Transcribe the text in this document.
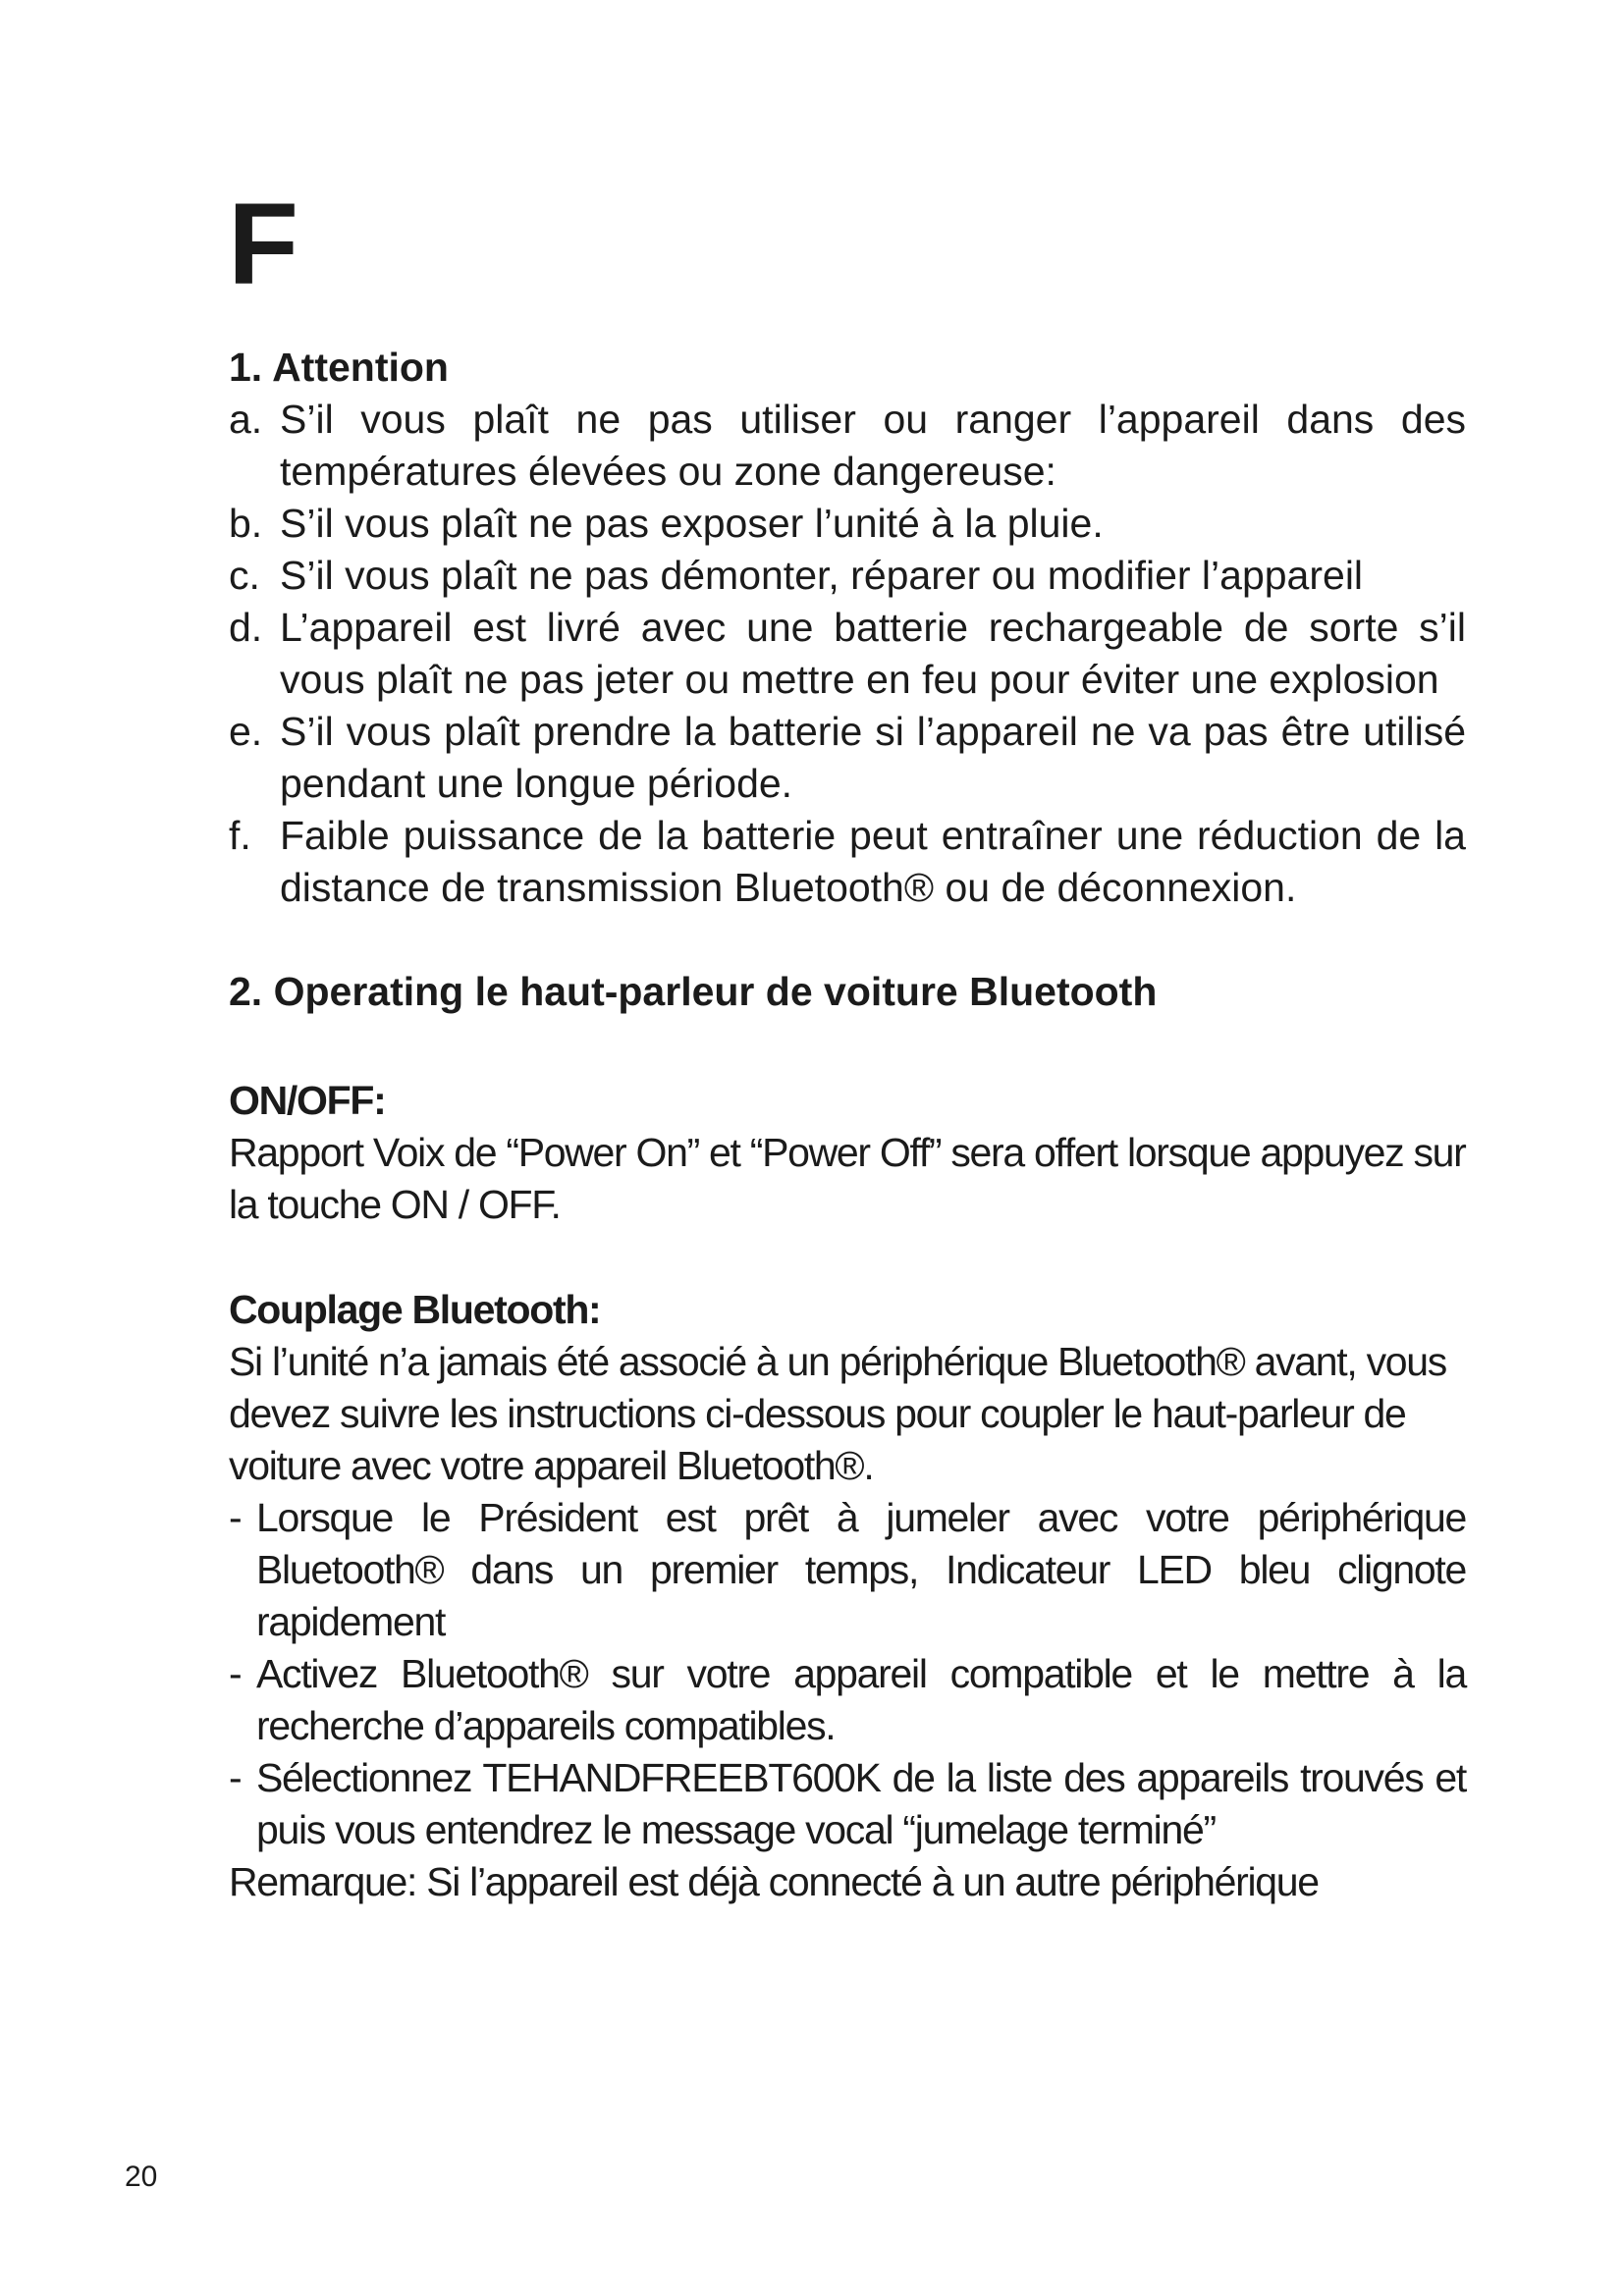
F

1. Attention

a. S’il vous plaît ne pas utiliser ou ranger l’appareil dans des températures élevées ou zone dangereuse:

b. S’il vous plaît ne pas exposer l’unité à la pluie.

c. S’il vous plaît ne pas démonter, réparer ou modifier l’appareil

d. L’appareil est livré avec une batterie rechargeable de sorte s’il vous plaît ne pas jeter ou mettre en feu pour éviter une explosion

e. S’il vous plaît prendre la batterie si l’appareil ne va pas être utilisé pendant une longue période.

f. Faible puissance de la batterie peut entraîner une réduction de la distance de transmission Bluetooth® ou de déconnexion.

2. Operating le haut-parleur de voiture Bluetooth

ON/OFF:

Rapport Voix de “Power On” et “Power Off” sera offert lorsque appuyez sur la touche ON / OFF.

Couplage Bluetooth:

Si l’unité n’a jamais été associé à un périphérique Bluetooth® avant, vous devez suivre les instructions ci-dessous pour coupler le haut-parleur de voiture avec votre appareil Bluetooth®.

- Lorsque le Président est prêt à jumeler avec votre périphérique Bluetooth® dans un premier temps, Indicateur LED bleu clignote rapidement

- Activez Bluetooth® sur votre appareil compatible et le mettre à la recherche d’appareils compatibles.

- Sélectionnez TEHANDFREEBT600K de la liste des appareils trouvés et puis vous entendrez le message vocal “jumelage terminé”

Remarque: Si l’appareil est déjà connecté à un autre périphérique

20
